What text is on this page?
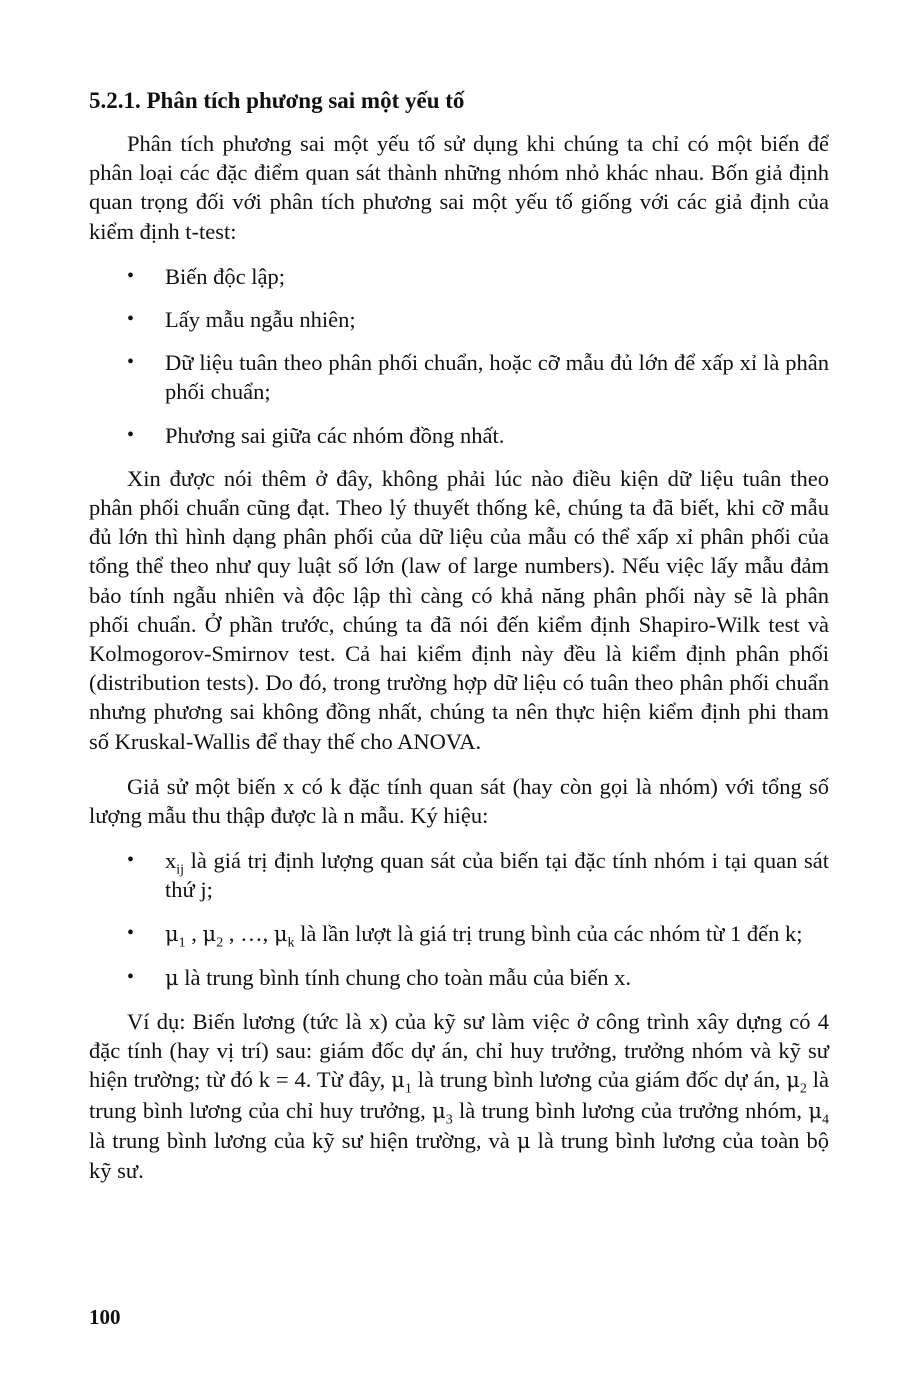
5.2.1. Phân tích phương sai một yếu tố

Phân tích phương sai một yếu tố sử dụng khi chúng ta chỉ có một biến để phân loại các đặc điểm quan sát thành những nhóm nhỏ khác nhau. Bốn giả định quan trọng đối với phân tích phương sai một yếu tố giống với các giả định của kiểm định t-test:

• Biến độc lập;
• Lấy mẫu ngẫu nhiên;
• Dữ liệu tuân theo phân phối chuẩn, hoặc cỡ mẫu đủ lớn để xấp xỉ là phân phối chuẩn;
• Phương sai giữa các nhóm đồng nhất.

Xin được nói thêm ở đây, không phải lúc nào điều kiện dữ liệu tuân theo phân phối chuẩn cũng đạt. Theo lý thuyết thống kê, chúng ta đã biết, khi cỡ mẫu đủ lớn thì hình dạng phân phối của dữ liệu của mẫu có thể xấp xỉ phân phối của tổng thể theo như quy luật số lớn (law of large numbers). Nếu việc lấy mẫu đảm bảo tính ngẫu nhiên và độc lập thì càng có khả năng phân phối này sẽ là phân phối chuẩn. Ở phần trước, chúng ta đã nói đến kiểm định Shapiro-Wilk test và Kolmogorov-Smirnov test. Cả hai kiểm định này đều là kiểm định phân phối (distribution tests). Do đó, trong trường hợp dữ liệu có tuân theo phân phối chuẩn nhưng phương sai không đồng nhất, chúng ta nên thực hiện kiểm định phi tham số Kruskal-Wallis để thay thế cho ANOVA.

Giả sử một biến x có k đặc tính quan sát (hay còn gọi là nhóm) với tổng số lượng mẫu thu thập được là n mẫu. Ký hiệu:

• $x_{ij}$ là giá trị định lượng quan sát của biến tại đặc tính nhóm i tại quan sát thứ j;
• $\mu_1$ , $\mu_2$ , …, $\mu_k$ là lần lượt là giá trị trung bình của các nhóm từ 1 đến k;
• μ là trung bình tính chung cho toàn mẫu của biến x.

Ví dụ: Biến lương (tức là x) của kỹ sư làm việc ở công trình xây dựng có 4 đặc tính (hay vị trí) sau: giám đốc dự án, chỉ huy trưởng, trưởng nhóm và kỹ sư hiện trường; từ đó k = 4. Từ đây, $\mu_1$ là trung bình lương của giám đốc dự án, $\mu_2$ là trung bình lương của chỉ huy trưởng, $\mu_3$ là trung bình lương của trưởng nhóm, $\mu_4$ là trung bình lương của kỹ sư hiện trường, và μ là trung bình lương của toàn bộ kỹ sư.

100
